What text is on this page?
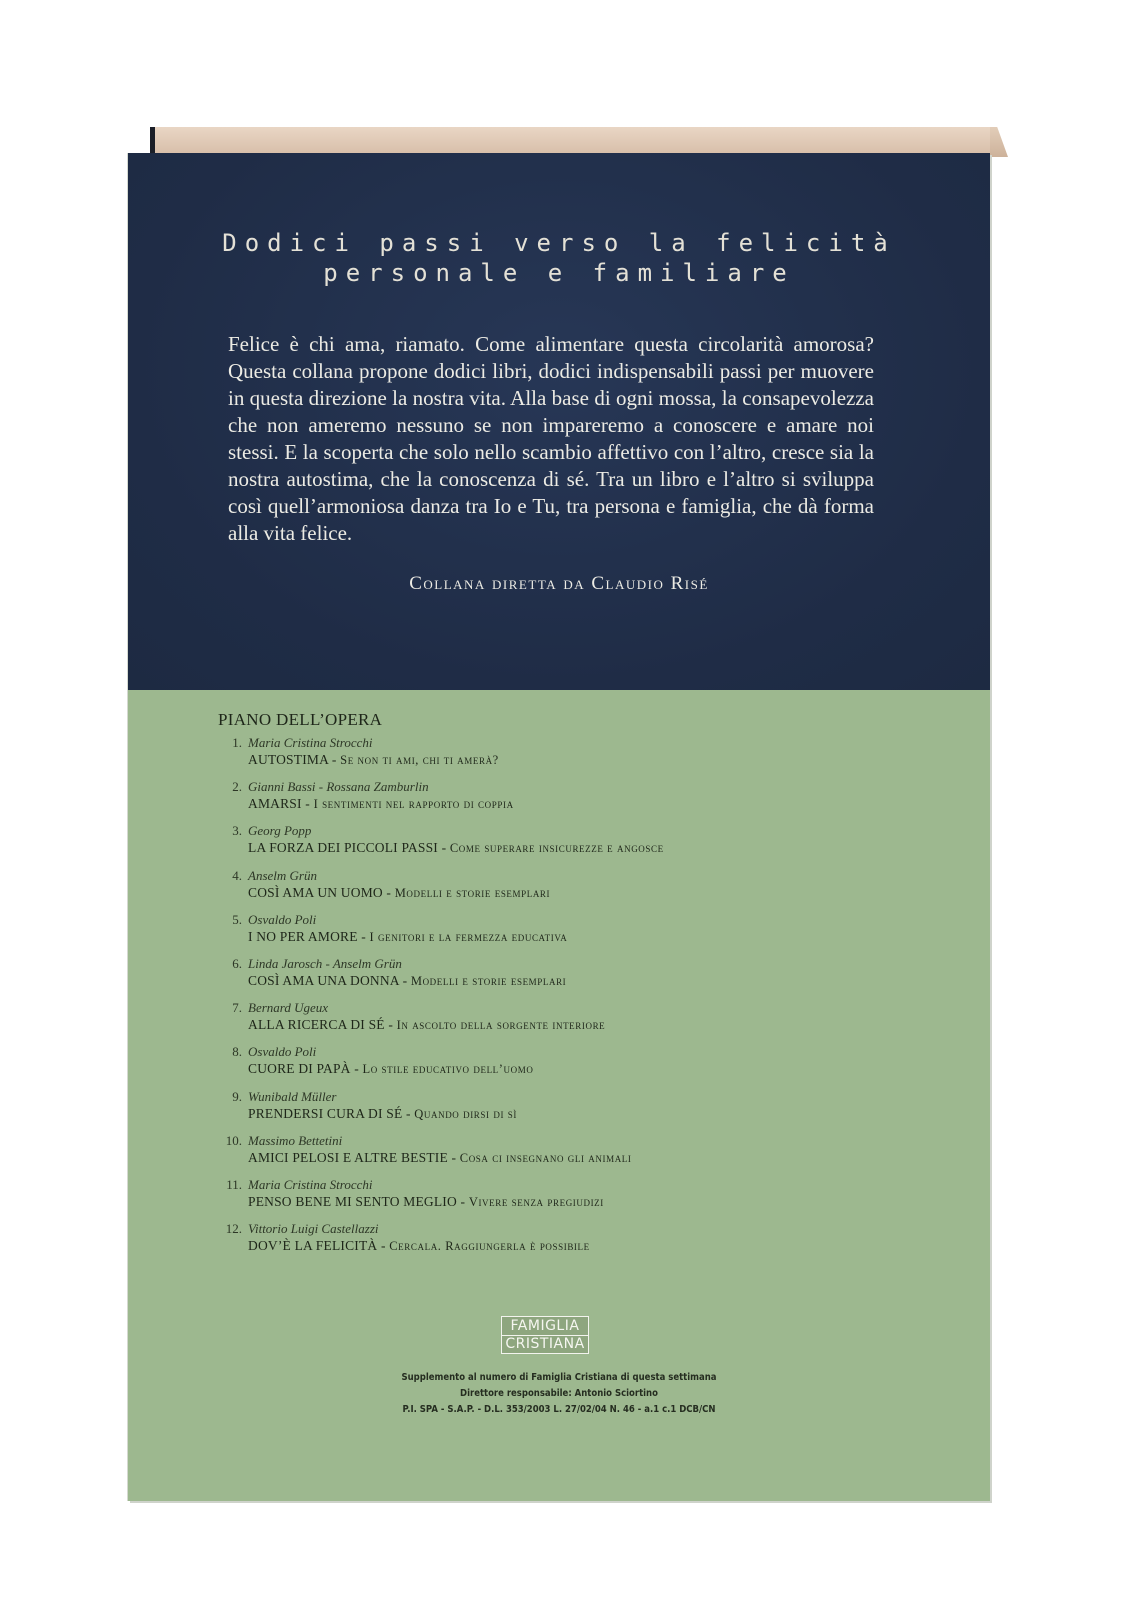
Dodici passi verso la felicità
personale e familiare
Felice è chi ama, riamato. Come alimentare questa circolarità amorosa? Questa collana propone dodici libri, dodici indispensabili passi per muovere in questa direzione la nostra vita. Alla base di ogni mossa, la consapevolezza che non ameremo nessuno se non impareremo a conoscere e amare noi stessi. E la scoperta che solo nello scambio affettivo con l’altro, cresce sia la nostra autostima, che la conoscenza di sé. Tra un libro e l’altro si sviluppa così quell’armoniosa danza tra Io e Tu, tra persona e famiglia, che dà forma alla vita felice.
Collana diretta da Claudio Risé
PIANO DELL’OPERA
1. Maria Cristina Strocchi
AUTOSTIMA - Se non ti ami, chi ti amerà?
2. Gianni Bassi - Rossana Zamburlin
AMARSI - I sentimenti nel rapporto di coppia
3. Georg Popp
LA FORZA DEI PICCOLI PASSI - Come superare insicurezze e angosce
4. Anselm Grün
COSÌ AMA UN UOMO - Modelli e storie esemplari
5. Osvaldo Poli
I NO PER AMORE - I genitori e la fermezza educativa
6. Linda Jarosch - Anselm Grün
COSÌ AMA UNA DONNA - Modelli e storie esemplari
7. Bernard Ugeux
ALLA RICERCA DI SÉ - In ascolto della sorgente interiore
8. Osvaldo Poli
CUORE DI PAPÀ - Lo stile educativo dell’uomo
9. Wunibald Müller
PRENDERSI CURA DI SÉ - Quando dirsi di sì
10. Massimo Bettetini
AMICI PELOSI E ALTRE BESTIE - Cosa ci insegnano gli animali
11. Maria Cristina Strocchi
PENSO BENE MI SENTO MEGLIO - Vivere senza pregiudizi
12. Vittorio Luigi Castellazzi
DOV’È LA FELICITÀ - Cercala. Raggiungerla è possibile
FAMIGLIA
CRISTIANA
Supplemento al numero di Famiglia Cristiana di questa settimana
Direttore responsabile: Antonio Sciortino
P.I. SPA - S.A.P. - D.L. 353/2003 L. 27/02/04 N. 46 - a.1 c.1 DCB/CN
